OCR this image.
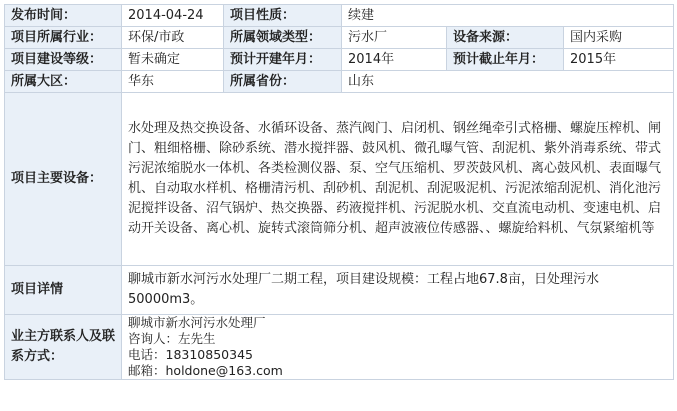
发布时间：	2014-04-24	项目性质：	续建		
项目所属行业：	环保/市政	所属领域类型：	污水厂	设备来源：	国内采购
项目建设等级：	暂未确定	预计开建年月：	2014年	预计截止年月：	2015年
所属大区：	华东	所属省份：	山东		
项目主要设备：	水处理及热交换设备、水循环设备、蒸汽阀门、启闭机、钢丝绳牵引式格栅、螺旋压榨机、闸门、粗细格栅、除砂系统、潜水搅拌器、鼓风机、微孔曝气管、刮泥机、紫外消毒系统、带式污泥浓缩脱水一体机、各类检测仪器、泵、空气压缩机、罗茨鼓风机、离心鼓风机、表面曝气机、自动取水样机、格栅清污机、刮砂机、刮泥机、刮泥吸泥机、污泥浓缩刮泥机、消化池污泥搅拌设备、沼气锅炉、热交换器、药液搅拌机、污泥脱水机、交直流电动机、变速电机、启动开关设备、离心机、旋转式滚筒筛分机、超声波液位传感器、、螺旋给料机、气氛紧缩机等				
项目详情	聊城市新水河污水处理厂二期工程，项目建设规模：工程占地67.8亩，日处理污水50000m3。				
业主方联系人及联系方式：	聊城市新水河污水处理厂
咨询人：左先生
电话：18310850345
邮箱：holdone@163.com				
